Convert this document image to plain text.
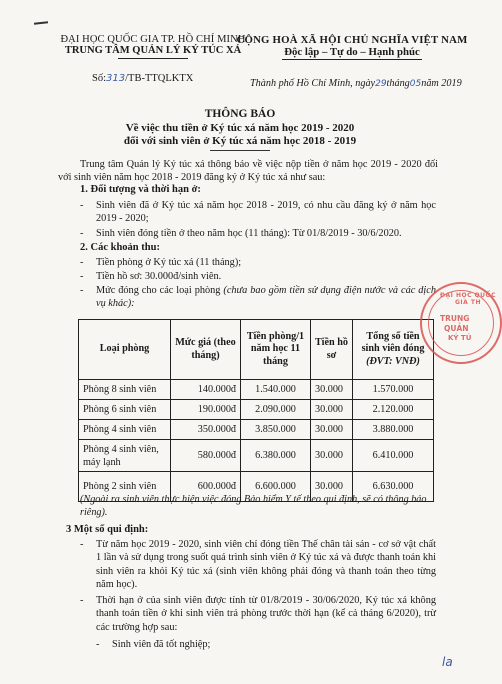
ĐẠI HỌC QUỐC GIA TP. HỒ CHÍ MINH
TRUNG TÂM QUẢN LÝ KÝ TÚC XÁ
CỘNG HOÀ XÃ HỘI CHỦ NGHĨA VIỆT NAM
Độc lập – Tự do – Hạnh phúc
Số:313/TB-TTQLKTX	Thành phố Hồ Chí Minh, ngày29tháng05năm 2019
THÔNG BÁO
Về việc thu tiền ở Ký túc xá năm học 2019 - 2020
đối với sinh viên ở Ký túc xá năm học 2018 - 2019
Trung tâm Quản lý Ký túc xá thông báo về việc nộp tiền ở năm học 2019 - 2020 đối với sinh viên năm học 2018 - 2019 đăng ký ở Ký túc xá như sau:
1. Đối tượng và thời hạn ở:
- Sinh viên đã ở Ký túc xá năm học 2018 - 2019, có nhu cầu đăng ký ở năm học 2019 - 2020;
- Sinh viên đóng tiền ở theo năm học (11 tháng): Từ 01/8/2019 - 30/6/2020.
2. Các khoản thu:
- Tiền phòng ở Ký túc xá (11 tháng);
- Tiền hồ sơ: 30.000đ/sinh viên.
- Mức đóng cho các loại phòng (chưa bao gồm tiền sử dụng điện nước và các dịch vụ khác):
Loại phòng	Mức giá (theo tháng)	Tiền phòng/1 năm học 11 tháng	Tiền hồ sơ	Tổng số tiền sinh viên đóng
(ĐVT: VNĐ)

Phòng 8 sinh viên	140.000đ	1.540.000	30.000	1.570.000
Phòng 6 sinh viên	190.000đ	2.090.000	30.000	2.120.000
Phòng 4 sinh viên	350.000đ	3.850.000	30.000	3.880.000
Phòng 4 sinh viên, máy lạnh	580.000đ	6.380.000	30.000	6.410.000
Phòng 2 sinh viên	600.000đ	6.600.000	30.000	6.630.000
(Ngoài ra sinh viên thực hiện việc đóng Bảo hiểm Y tế theo qui định, sẽ có thông báo riêng).
3 Một số qui định:
- Từ năm học 2019 - 2020, sinh viên chỉ đóng tiền Thế chân tài sản - cơ sở vật chất 1 lần và sử dụng trong suốt quá trình sinh viên ở Ký túc xá và được thanh toán khi sinh viên ra khỏi Ký túc xá (sinh viên không phải đóng và thanh toán theo từng năm học).
- Thời hạn ở của sinh viên được tính từ 01/8/2019 - 30/06/2020, Ký túc xá không thanh toán tiền ở khi sinh viên trả phòng trước thời hạn (kể cả tháng 6/2020), trừ các trường hợp sau:
- Sinh viên đã tốt nghiệp;
ĐẠI HỌC QUỐC GIA TH
TRUNG
QUẢN
KÝ TÚ
la
